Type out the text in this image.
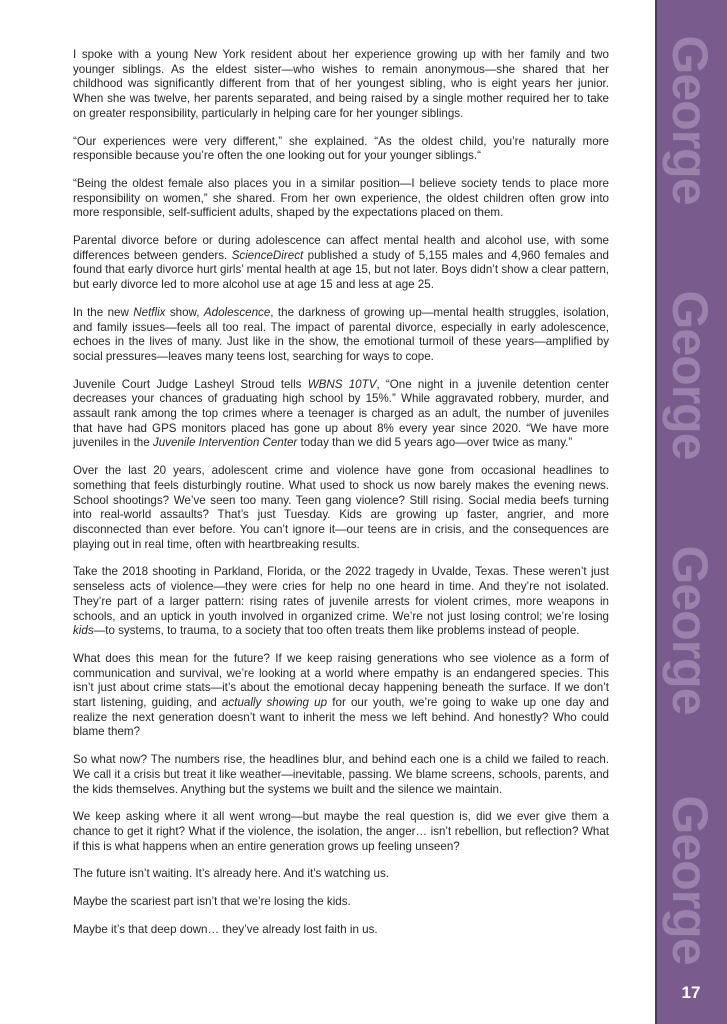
I spoke with a young New York resident about her experience growing up with her family and two younger siblings. As the eldest sister—who wishes to remain anonymous—she shared that her childhood was significantly different from that of her youngest sibling, who is eight years her junior. When she was twelve, her parents separated, and being raised by a single mother required her to take on greater responsibility, particularly in helping care for her younger siblings.

“Our experiences were very different,” she explained. “As the oldest child, you’re naturally more responsible because you’re often the one looking out for your younger siblings.“

“Being the oldest female also places you in a similar position—I believe society tends to place more responsibility on women,” she shared. From her own experience, the oldest children often grow into more responsible, self-sufficient adults, shaped by the expectations placed on them.

Parental divorce before or during adolescence can affect mental health and alcohol use, with some differences between genders. ScienceDirect published a study of 5,155 males and 4,960 females and found that early divorce hurt girls’ mental health at age 15, but not later. Boys didn’t show a clear pattern, but early divorce led to more alcohol use at age 15 and less at age 25.

In the new Netflix show, Adolescence, the darkness of growing up—mental health struggles, isolation, and family issues—feels all too real. The impact of parental divorce, especially in early adolescence, echoes in the lives of many. Just like in the show, the emotional turmoil of these years—amplified by social pressures—leaves many teens lost, searching for ways to cope.

Juvenile Court Judge Lasheyl Stroud tells WBNS 10TV, “One night in a juvenile detention center decreases your chances of graduating high school by 15%.” While aggravated robbery, murder, and assault rank among the top crimes where a teenager is charged as an adult, the number of juveniles that have had GPS monitors placed has gone up about 8% every year since 2020. “We have more juveniles in the Juvenile Intervention Center today than we did 5 years ago—over twice as many.”

Over the last 20 years, adolescent crime and violence have gone from occasional headlines to something that feels disturbingly routine. What used to shock us now barely makes the evening news. School shootings? We’ve seen too many. Teen gang violence? Still rising. Social media beefs turning into real-world assaults? That’s just Tuesday. Kids are growing up faster, angrier, and more disconnected than ever before. You can’t ignore it—our teens are in crisis, and the consequences are playing out in real time, often with heartbreaking results.

Take the 2018 shooting in Parkland, Florida, or the 2022 tragedy in Uvalde, Texas. These weren’t just senseless acts of violence—they were cries for help no one heard in time. And they’re not isolated. They’re part of a larger pattern: rising rates of juvenile arrests for violent crimes, more weapons in schools, and an uptick in youth involved in organized crime. We’re not just losing control; we’re losing kids—to systems, to trauma, to a society that too often treats them like problems instead of people.

What does this mean for the future? If we keep raising generations who see violence as a form of communication and survival, we’re looking at a world where empathy is an endangered species. This isn’t just about crime stats—it’s about the emotional decay happening beneath the surface. If we don’t start listening, guiding, and actually showing up for our youth, we’re going to wake up one day and realize the next generation doesn’t want to inherit the mess we left behind. And honestly? Who could blame them?

So what now? The numbers rise, the headlines blur, and behind each one is a child we failed to reach. We call it a crisis but treat it like weather—inevitable, passing. We blame screens, schools, parents, and the kids themselves. Anything but the systems we built and the silence we maintain.

We keep asking where it all went wrong—but maybe the real question is, did we ever give them a chance to get it right? What if the violence, the isolation, the anger… isn’t rebellion, but reflection? What if this is what happens when an entire generation grows up feeling unseen?

The future isn’t waiting. It’s already here. And it’s watching us.

Maybe the scariest part isn’t that we’re losing the kids.

Maybe it’s that deep down… they’ve already lost faith in us.

George
George
George
George
17
